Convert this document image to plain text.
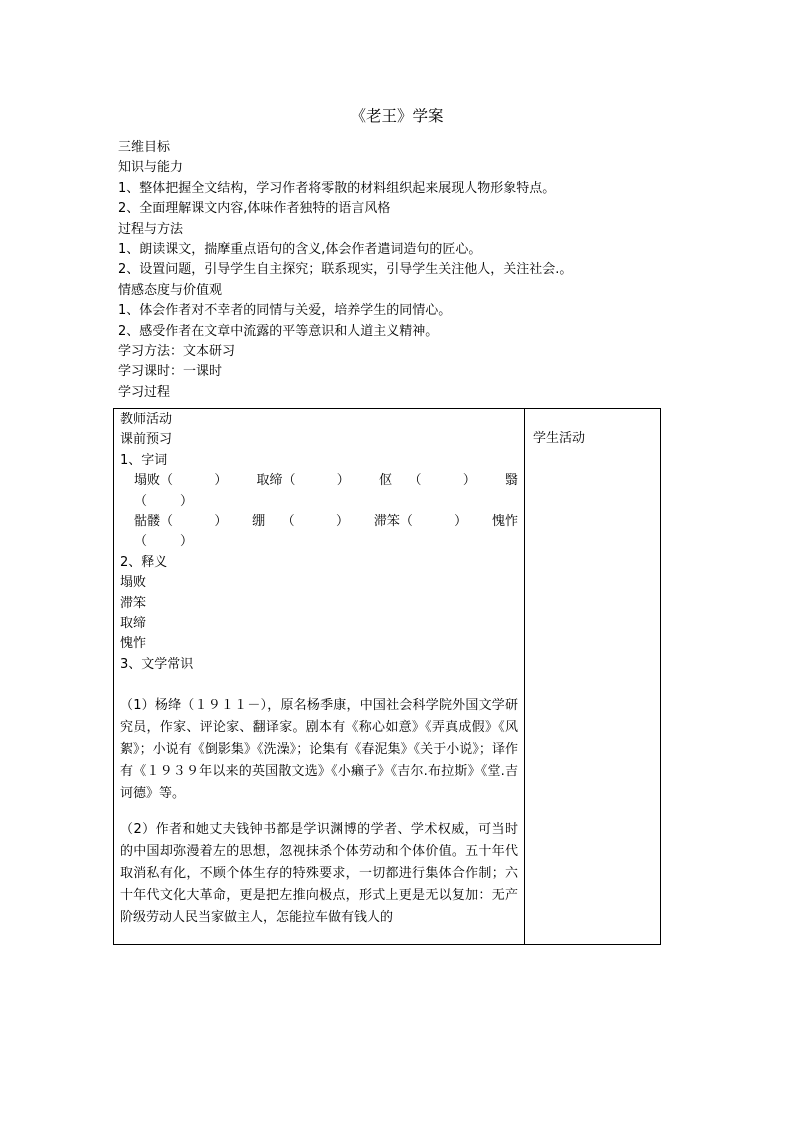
《老王》学案
三维目标
知识与能力
1、整体把握全文结构，学习作者将零散的材料组织起来展现人物形象特点。
2、全面理解课文内容,体味作者独特的语言风格
过程与方法
1、朗读课文，揣摩重点语句的含义,体会作者遣词造句的匠心。
2、设置问题，引导学生自主探究；联系现实，引导学生关注他人，关注社会.。
情感态度与价值观
1、体会作者对不幸者的同情与关爱，培养学生的同情心。
2、感受作者在文章中流露的平等意识和人道主义精神。
学习方法：文本研习
学习课时：一课时
学习过程
教师活动
课前预习
1、字词
塌败（          ） 取缔（          ） 伛    （          ） 翳
（        ）
骷髅（          ） 绷    （          ） 滞笨（          ） 愧怍
（        ）
2、释义
塌败
滞笨
取缔
愧怍
3、文学常识
（1）杨绛（１９１１－），原名杨季康，中国社会科学院外国文学研究员，作家、评论家、翻译家。剧本有《称心如意》《弄真成假》《风絮》；小说有《倒影集》《洗澡》；论集有《春泥集》《关于小说》；译作有《１９３９年以来的英国散文选》《小癞子》《吉尔.布拉斯》《堂.吉诃德》等。
（2）作者和她丈夫钱钟书都是学识渊博的学者、学术权威，可当时的中国却弥漫着左的思想，忽视抹杀个体劳动和个体价值。五十年代取消私有化，不顾个体生存的特殊要求，一切都进行集体合作制；六十年代文化大革命，更是把左推向极点，形式上更是无以复加：无产阶级劳动人民当家做主人，怎能拉车做有钱人的

学生活动
